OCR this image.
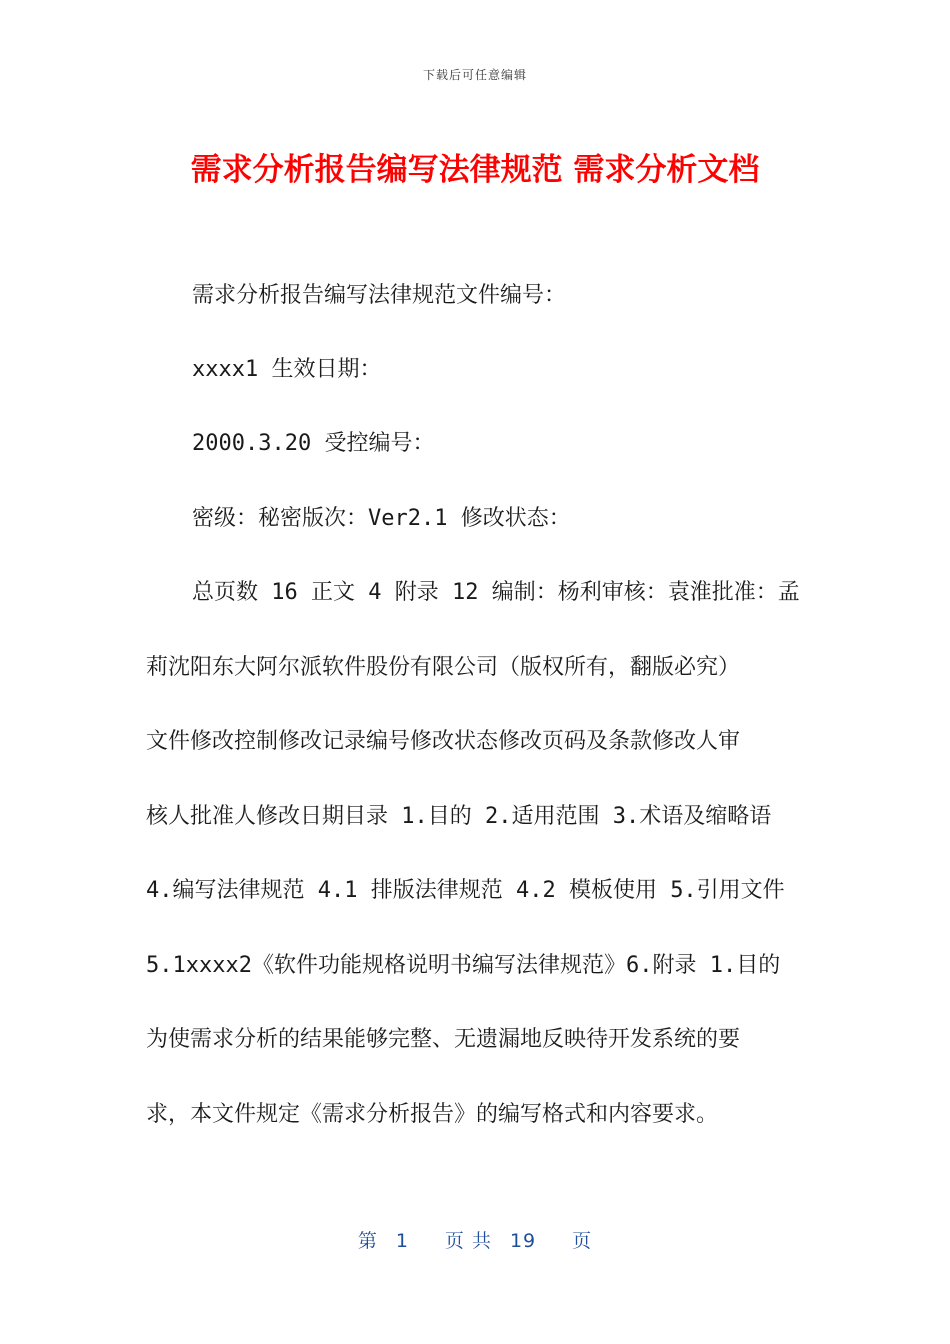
下载后可任意编辑
需求分析报告编写法律规范 需求分析文档
需求分析报告编写法律规范文件编号：
xxxx1 生效日期：
2000.3.20 受控编号：
密级：秘密版次：Ver2.1 修改状态：
总页数 16 正文 4 附录 12 编制：杨利审核：袁淮批准：孟
莉沈阳东大阿尔派软件股份有限公司（版权所有，翻版必究）
文件修改控制修改记录编号修改状态修改页码及条款修改人审
核人批准人修改日期目录 1.目的 2.适用范围 3.术语及缩略语
4.编写法律规范 4.1 排版法律规范 4.2 模板使用 5.引用文件
5.1xxxx2《软件功能规格说明书编写法律规范》6.附录 1.目的
为使需求分析的结果能够完整、无遗漏地反映待开发系统的要
求，本文件规定《需求分析报告》的编写格式和内容要求。
第 1 页 共 19 页
